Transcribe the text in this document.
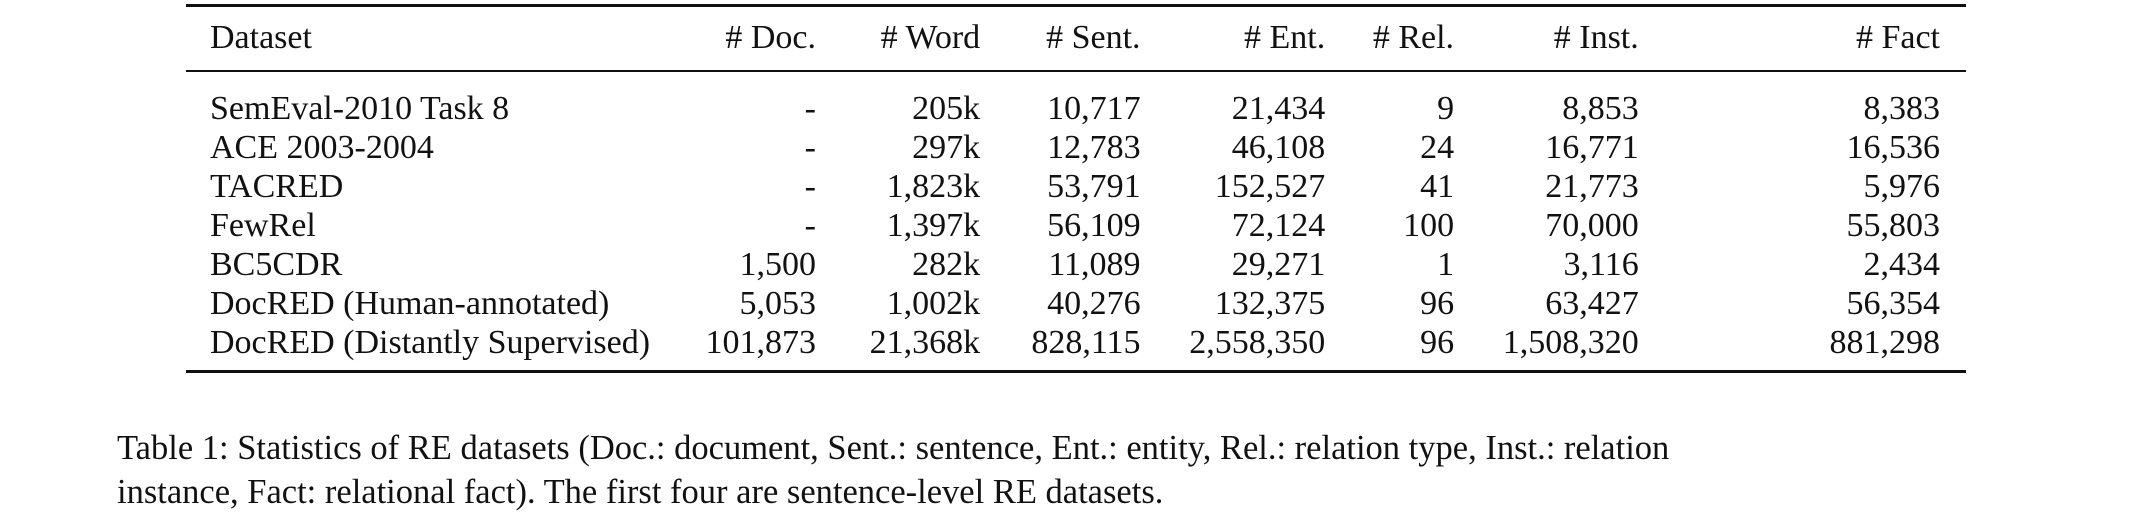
Dataset	# Doc.	# Word	# Sent.	# Ent.	# Rel.	# Inst.	# Fact
SemEval-2010 Task 8	-	205k	10,717	21,434	9	8,853	8,383
ACE 2003-2004	-	297k	12,783	46,108	24	16,771	16,536
TACRED	-	1,823k	53,791	152,527	41	21,773	5,976
FewRel	-	1,397k	56,109	72,124	100	70,000	55,803
BC5CDR	1,500	282k	11,089	29,271	1	3,116	2,434
DocRED (Human-annotated)	5,053	1,002k	40,276	132,375	96	63,427	56,354
DocRED (Distantly Supervised)	101,873	21,368k	828,115	2,558,350	96	1,508,320	881,298
Table 1: Statistics of RE datasets (Doc.: document, Sent.: sentence, Ent.: entity, Rel.: relation type, Inst.: relation
instance, Fact: relational fact). The first four are sentence-level RE datasets.
